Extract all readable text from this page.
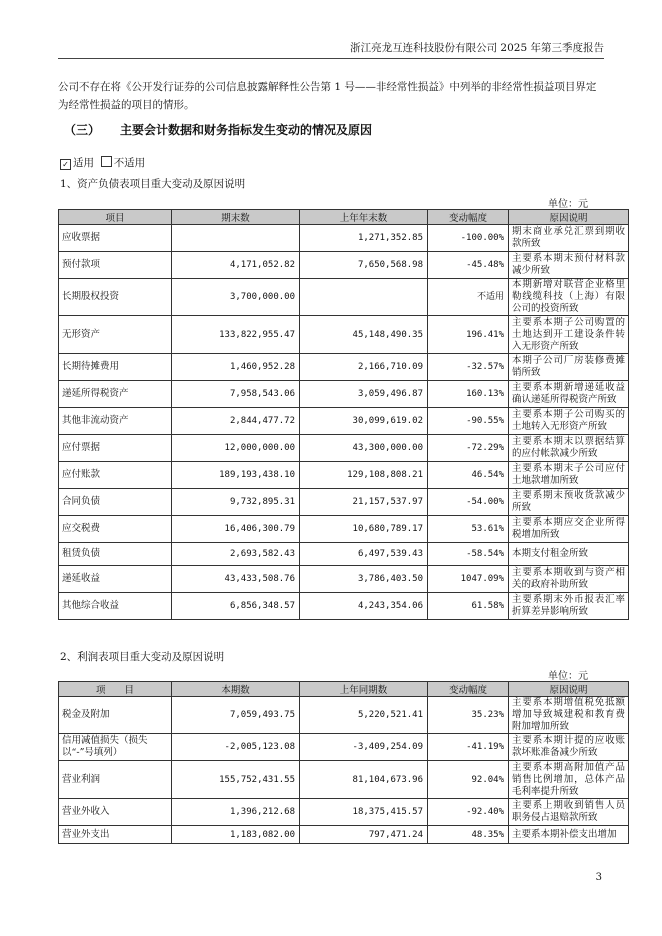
浙江亮龙互连科技股份有限公司 2025 年第三季度报告
公司不存在将《公开发行证券的公司信息披露解释性公告第 1 号——非经常性损益》中列举的非经常性损益项目界定为经常性损益的项目的情形。
（三） 主要会计数据和财务指标发生变动的情况及原因
✓ 适用 不适用
1、资产负债表项目重大变动及原因说明
单位：元
项目	期末数	上年年末数	变动幅度	原因说明
应收票据		1,271,352.85	-100.00%	期末商业承兑汇票到期收款所致
预付款项	4,171,052.82	7,650,568.98	-45.48%	主要系本期末预付材料款减少所致
长期股权投资	3,700,000.00		不适用	本期新增对联营企业格里勒线缆科技（上海）有限公司的投资所致
无形资产	133,822,955.47	45,148,490.35	196.41%	主要系本期子公司购置的土地达到开工建设条件转入无形资产所致
长期待摊费用	1,460,952.28	2,166,710.09	-32.57%	本期子公司厂房装修费摊销所致
递延所得税资产	7,958,543.06	3,059,496.87	160.13%	主要系本期新增递延收益确认递延所得税资产所致
其他非流动资产	2,844,477.72	30,099,619.02	-90.55%	主要系本期子公司购买的土地转入无形资产所致
应付票据	12,000,000.00	43,300,000.00	-72.29%	主要系本期末以票据结算的应付帐款减少所致
应付账款	189,193,438.10	129,108,808.21	46.54%	主要系本期末子公司应付土地款增加所致
合同负债	9,732,895.31	21,157,537.97	-54.00%	主要系期末预收货款减少所致
应交税费	16,406,300.79	10,680,789.17	53.61%	主要系本期应交企业所得税增加所致
租赁负债	2,693,582.43	6,497,539.43	-58.54%	本期支付租金所致
递延收益	43,433,508.76	3,786,403.50	1047.09%	主要系本期收到与资产相关的政府补助所致
其他综合收益	6,856,348.57	4,243,354.06	61.58%	主要系期末外币报表汇率折算差异影响所致
2、利润表项目重大变动及原因说明
单位：元
项　　目	本期数	上年同期数	变动幅度	原因说明
税金及附加	7,059,493.75	5,220,521.41	35.23%	主要系本期增值税免抵额增加导致城建税和教育费附加增加所致
信用减值损失（损失以“-”号填列）	-2,005,123.08	-3,409,254.09	-41.19%	主要系本期计提的应收账款坏账准备减少所致
营业利润	155,752,431.55	81,104,673.96	92.04%	主要系本期高附加值产品销售比例增加，总体产品毛利率提升所致
营业外收入	1,396,212.68	18,375,415.57	-92.40%	主要系上期收到销售人员职务侵占退赔款所致
营业外支出	1,183,082.00	797,471.24	48.35%	主要系本期补偿支出增加
3
